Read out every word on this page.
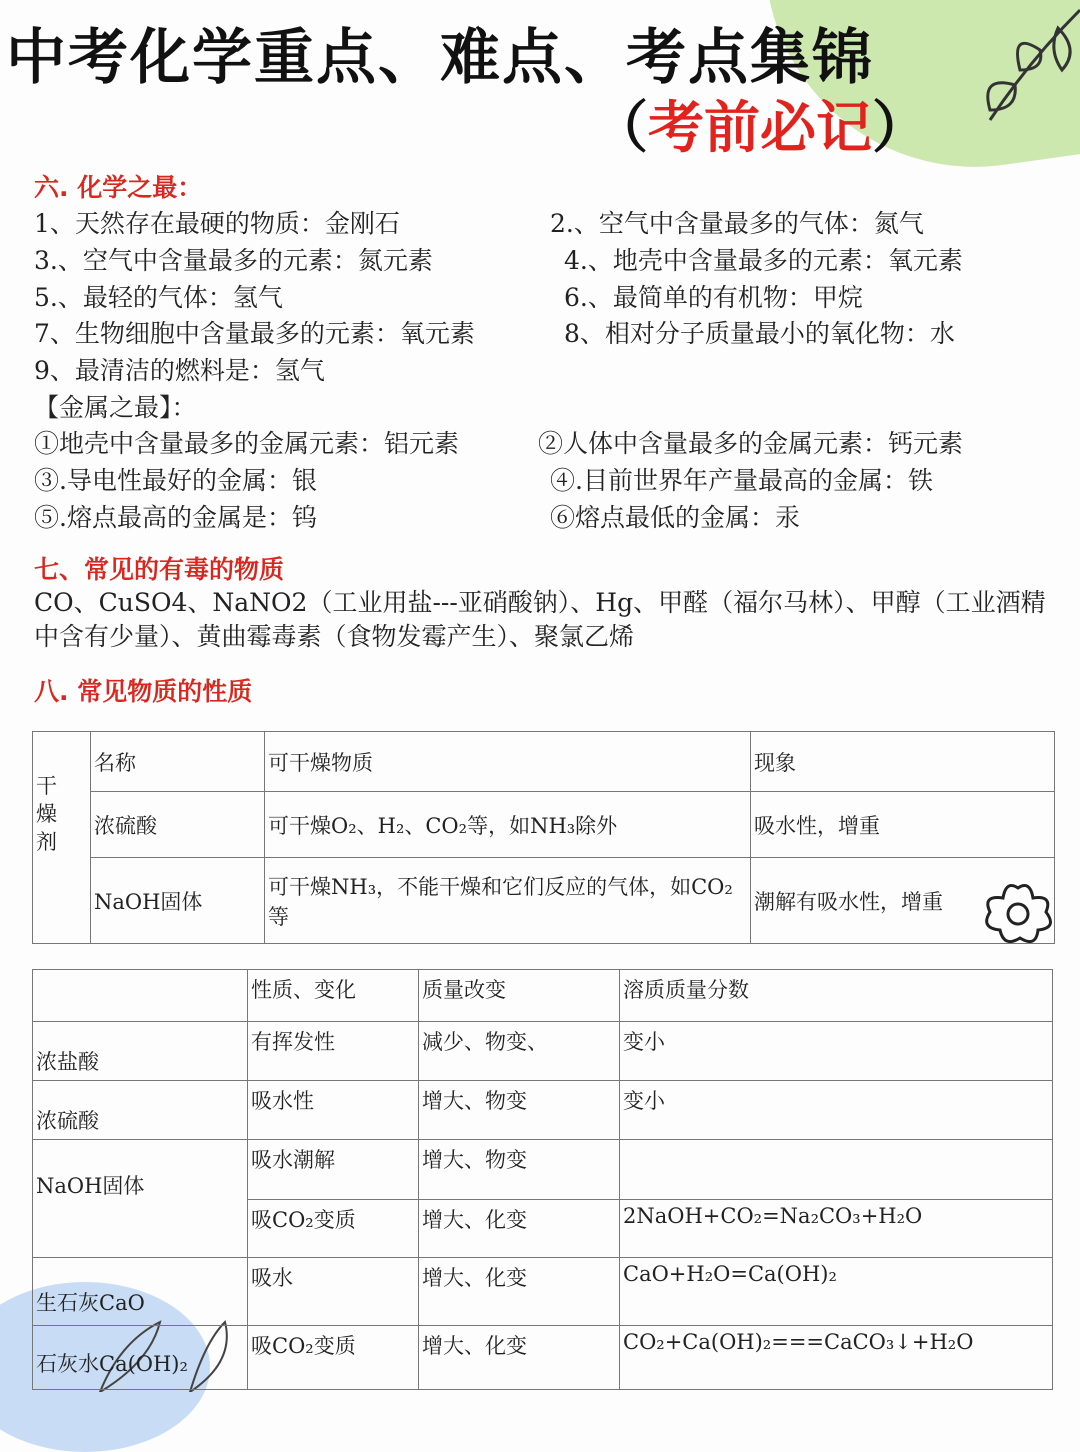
中考化学重点、难点、考点集锦
（考前必记）
六. 化学之最：
1、天然存在最硬的物质：金刚石	2.、空气中含量最多的气体：氮气
3.、空气中含量最多的元素：氮元素	4.、地壳中含量最多的元素：氧元素
5.、最轻的气体：氢气	6.、最简单的有机物：甲烷
7、生物细胞中含量最多的元素：氧元素	8、相对分子质量最小的氧化物：水
9、最清洁的燃料是：氢气
【金属之最】：
①地壳中含量最多的金属元素：铝元素	②人体中含量最多的金属元素：钙元素
③.导电性最好的金属：银	④.目前世界年产量最高的金属：铁
⑤.熔点最高的金属是：钨	⑥熔点最低的金属：汞
七、常见的有毒的物质
CO、CuSO4、NaNO2（工业用盐---亚硝酸钠）、Hg、甲醛（福尔马林）、甲醇（工业酒精中含有少量）、黄曲霉毒素（食物发霉产生）、聚氯乙烯
八. 常见物质的性质
干燥剂	名称	可干燥物质	现象
	浓硫酸	可干燥O₂、H₂、CO₂等，如NH₃除外	吸水性，增重
	NaOH固体	可干燥NH₃，不能干燥和它们反应的气体，如CO₂等	潮解有吸水性，增重
	性质、变化	质量改变	溶质质量分数
浓盐酸	有挥发性	减少、物变、	变小
浓硫酸	吸水性	增大、物变	变小
NaOH固体	吸水潮解	增大、物变	
	吸CO₂变质	增大、化变	2NaOH+CO₂=Na₂CO₃+H₂O
生石灰CaO	吸水	增大、化变	CaO+H₂O=Ca(OH)₂
石灰水Ca(OH)₂	吸CO₂变质	增大、化变	CO₂+Ca(OH)₂===CaCO₃↓+H₂O
